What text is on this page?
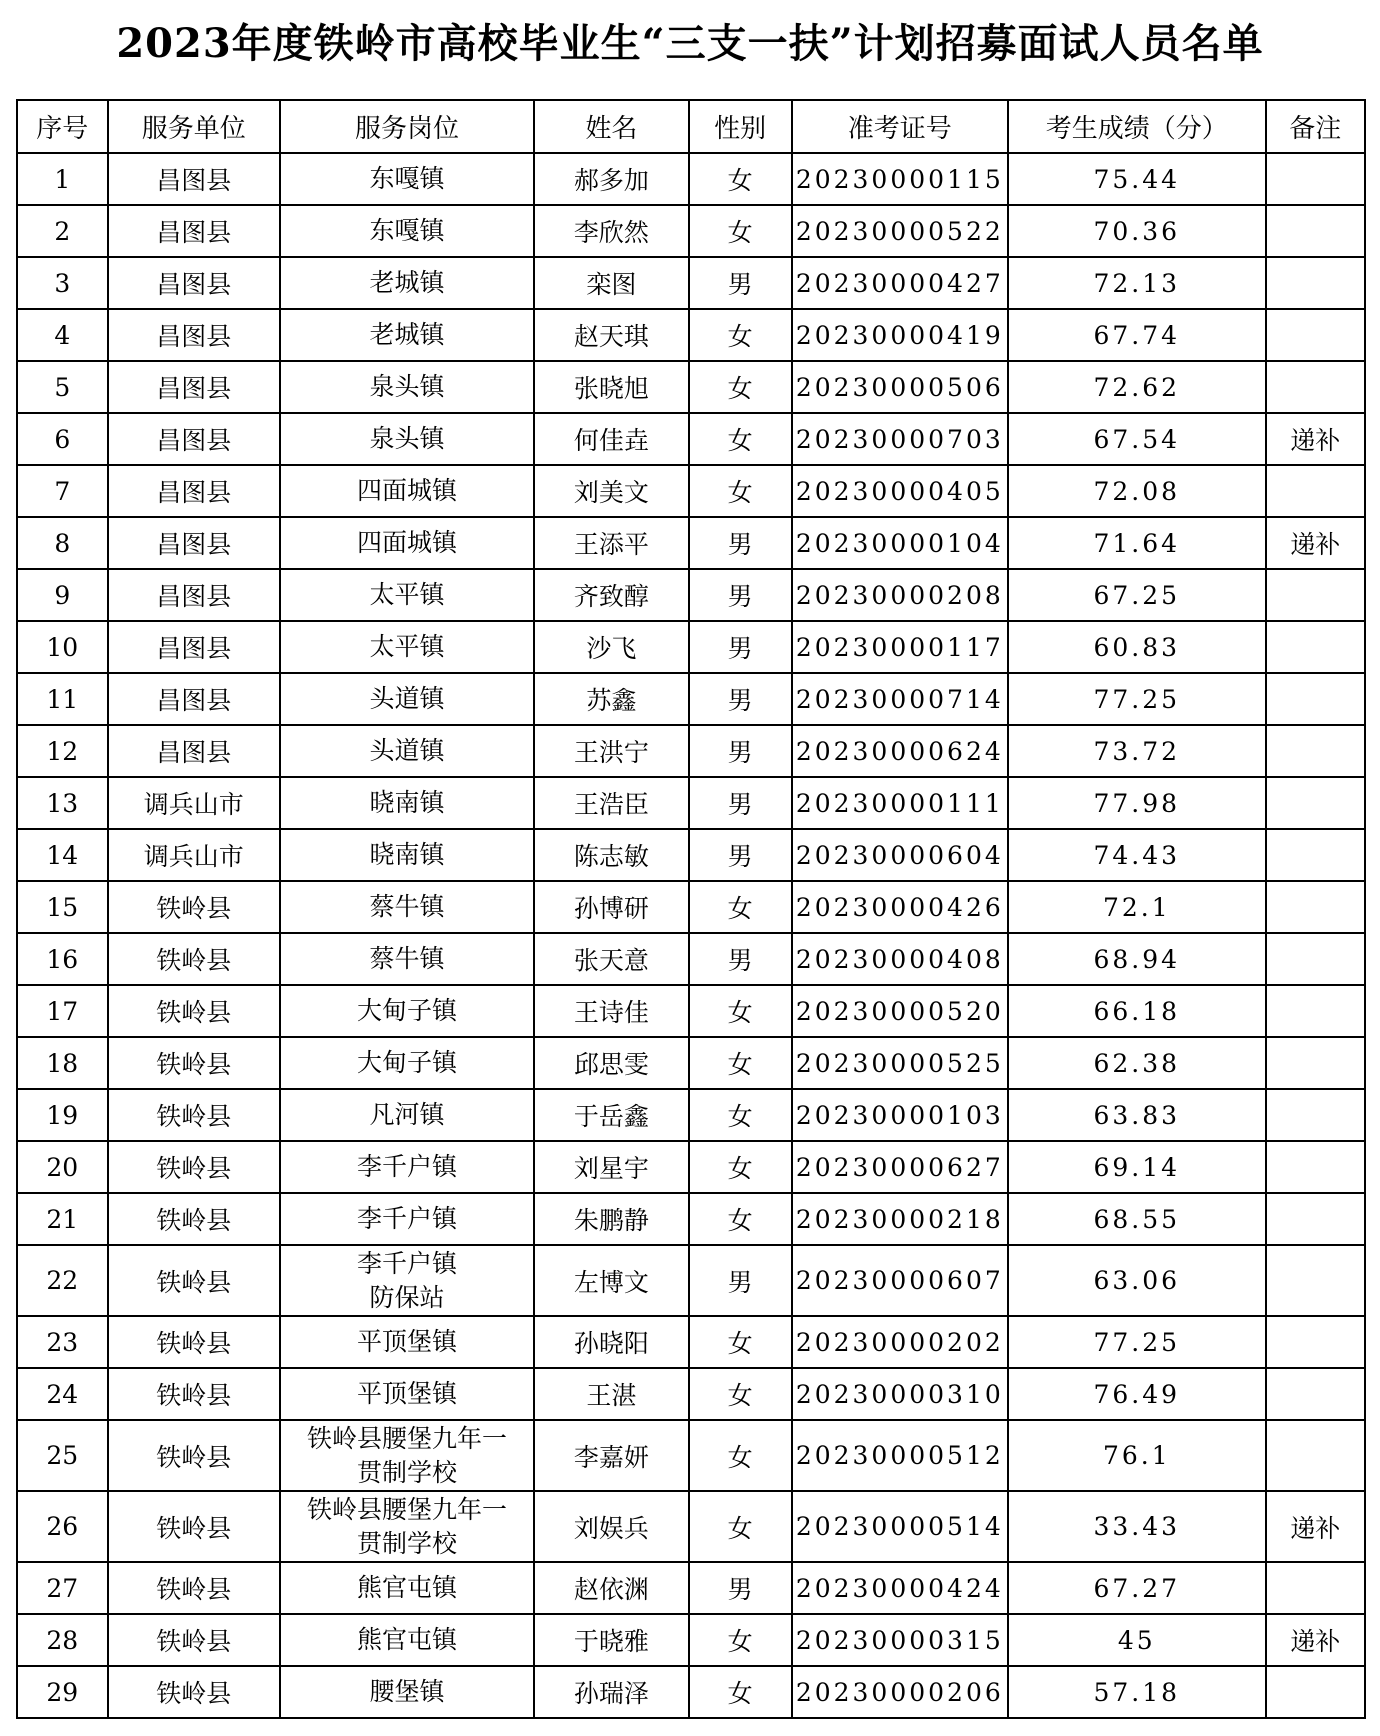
2023年度铁岭市高校毕业生“三支一扶”计划招募面试人员名单
序号	服务单位	服务岗位	姓名	性别	准考证号	考生成绩（分）	备注
1	昌图县	东嘎镇	郝多加	女	20230000115	75.44	
2	昌图县	东嘎镇	李欣然	女	20230000522	70.36	
3	昌图县	老城镇	栾图	男	20230000427	72.13	
4	昌图县	老城镇	赵天琪	女	20230000419	67.74	
5	昌图县	泉头镇	张晓旭	女	20230000506	72.62	
6	昌图县	泉头镇	何佳垚	女	20230000703	67.54	递补
7	昌图县	四面城镇	刘美文	女	20230000405	72.08	
8	昌图县	四面城镇	王添平	男	20230000104	71.64	递补
9	昌图县	太平镇	齐致醇	男	20230000208	67.25	
10	昌图县	太平镇	沙飞	男	20230000117	60.83	
11	昌图县	头道镇	苏鑫	男	20230000714	77.25	
12	昌图县	头道镇	王洪宁	男	20230000624	73.72	
13	调兵山市	晓南镇	王浩臣	男	20230000111	77.98	
14	调兵山市	晓南镇	陈志敏	男	20230000604	74.43	
15	铁岭县	蔡牛镇	孙博研	女	20230000426	72.1	
16	铁岭县	蔡牛镇	张天意	男	20230000408	68.94	
17	铁岭县	大甸子镇	王诗佳	女	20230000520	66.18	
18	铁岭县	大甸子镇	邱思雯	女	20230000525	62.38	
19	铁岭县	凡河镇	于岳鑫	女	20230000103	63.83	
20	铁岭县	李千户镇	刘星宇	女	20230000627	69.14	
21	铁岭县	李千户镇	朱鹏静	女	20230000218	68.55	
22	铁岭县	李千户镇
防保站	左博文	男	20230000607	63.06	
23	铁岭县	平顶堡镇	孙晓阳	女	20230000202	77.25	
24	铁岭县	平顶堡镇	王湛	女	20230000310	76.49	
25	铁岭县	铁岭县腰堡九年一
贯制学校	李嘉妍	女	20230000512	76.1	
26	铁岭县	铁岭县腰堡九年一
贯制学校	刘娱兵	女	20230000514	33.43	递补
27	铁岭县	熊官屯镇	赵依渊	男	20230000424	67.27	
28	铁岭县	熊官屯镇	于晓雅	女	20230000315	45	递补
29	铁岭县	腰堡镇	孙瑞泽	女	20230000206	57.18	
